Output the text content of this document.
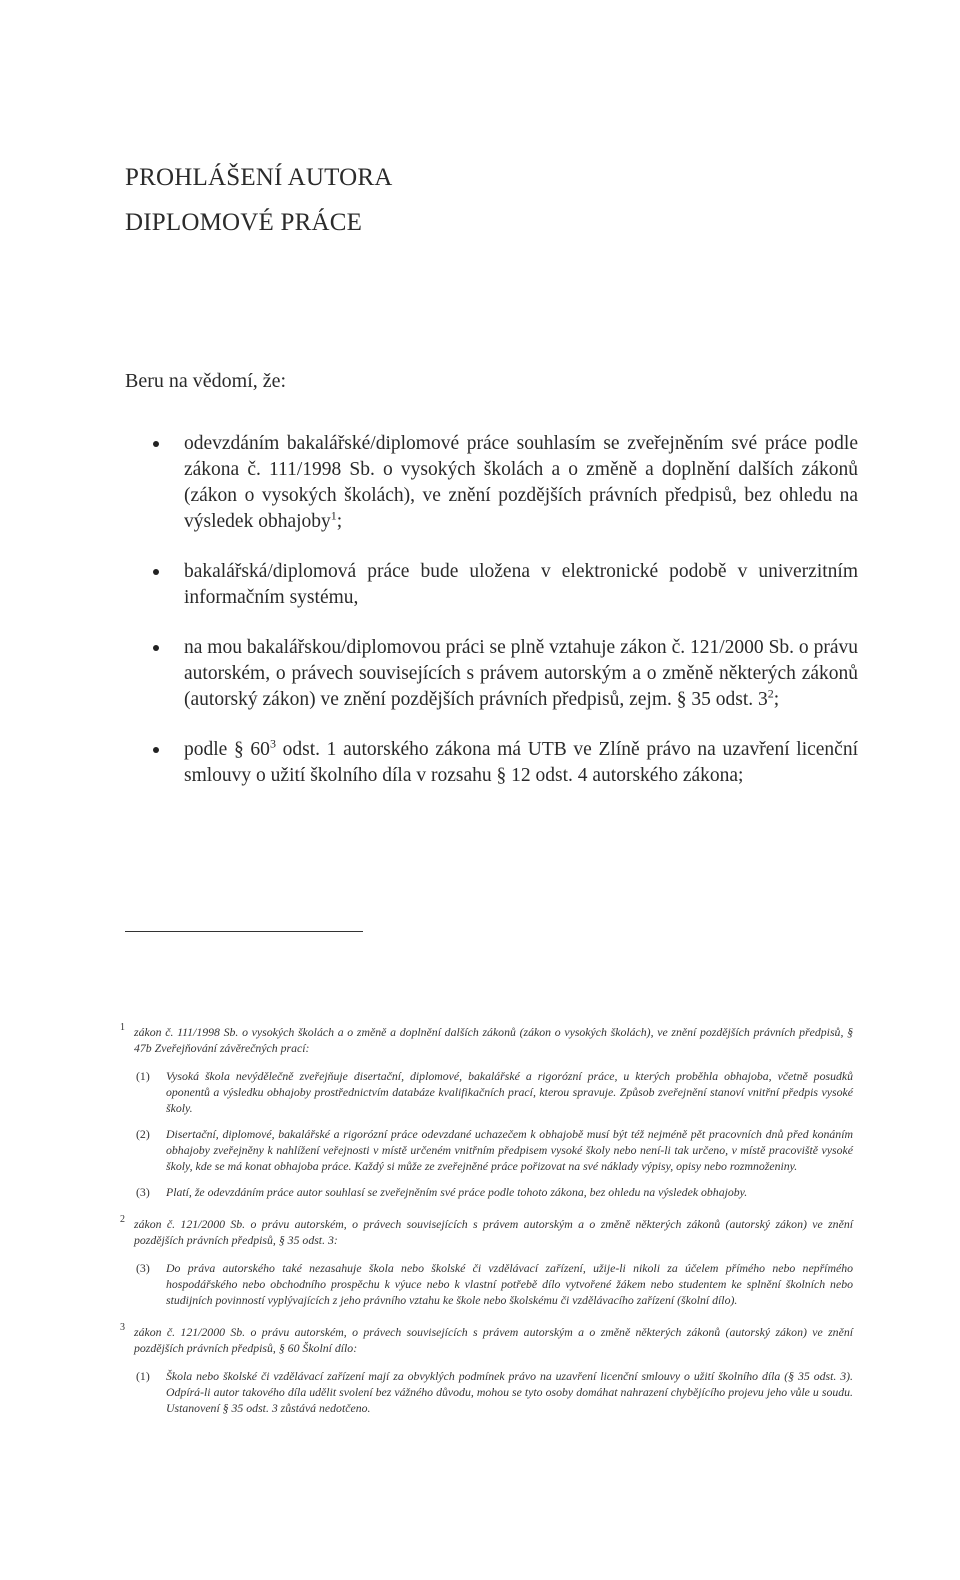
PROHLÁŠENÍ AUTORA
DIPLOMOVÉ PRÁCE
Beru na vědomí, že:
odevzdáním bakalářské/diplomové práce souhlasím se zveřejněním své práce podle zákona č. 111/1998 Sb. o vysokých školách a o změně a doplnění dalších zákonů (zákon o vysokých školách), ve znění pozdějších právních předpisů, bez ohledu na výsledek obhajoby$^1$;
bakalářská/diplomová práce bude uložena v elektronické podobě v univerzitním informačním systému,
na mou bakalářskou/diplomovou práci se plně vztahuje zákon č. 121/2000 Sb. o právu autorském, o právech souvisejících s právem autorským a o změně některých zákonů (autorský zákon) ve znění pozdějších právních předpisů, zejm. § 35 odst. $3^2$;
podle § $60^3$ odst. 1 autorského zákona má UTB ve Zlíně právo na uzavření licenční smlouvy o užití školního díla v rozsahu § 12 odst. 4 autorského zákona;
1 zákon č. 111/1998 Sb. o vysokých školách a o změně a doplnění dalších zákonů (zákon o vysokých školách), ve znění pozdějších právních předpisů, § 47b Zveřejňování závěrečných prací:
(1) Vysoká škola nevýdělečně zveřejňuje disertační, diplomové, bakalářské a rigorózní práce, u kterých proběhla obhajoba, včetně posudků oponentů a výsledku obhajoby prostřednictvím databáze kvalifikačních prací, kterou spravuje. Způsob zveřejnění stanoví vnitřní předpis vysoké školy.
(2) Disertační, diplomové, bakalářské a rigorózní práce odevzdané uchazečem k obhajobě musí být též nejméně pět pracovních dnů před konáním obhajoby zveřejněny k nahlížení veřejnosti v místě určeném vnitřním předpisem vysoké školy nebo není-li tak určeno, v místě pracoviště vysoké školy, kde se má konat obhajoba práce. Každý si může ze zveřejněné práce pořizovat na své náklady výpisy, opisy nebo rozmnoženiny.
(3) Platí, že odevzdáním práce autor souhlasí se zveřejněním své práce podle tohoto zákona, bez ohledu na výsledek obhajoby.
2 zákon č. 121/2000 Sb. o právu autorském, o právech souvisejících s právem autorským a o změně některých zákonů (autorský zákon) ve znění pozdějších právních předpisů, § 35 odst. 3:
(3) Do práva autorského také nezasahuje škola nebo školské či vzdělávací zařízení, užije-li nikoli za účelem přímého nebo nepřímého hospodářského nebo obchodního prospěchu k výuce nebo k vlastní potřebě dílo vytvořené žákem nebo studentem ke splnění školních nebo studijních povinností vyplývajících z jeho právního vztahu ke škole nebo školskému či vzdělávacího zařízení (školní dílo).
3 zákon č. 121/2000 Sb. o právu autorském, o právech souvisejících s právem autorským a o změně některých zákonů (autorský zákon) ve znění pozdějších právních předpisů, § 60 Školní dílo:
(1) Škola nebo školské či vzdělávací zařízení mají za obvyklých podmínek právo na uzavření licenční smlouvy o užití školního díla (§ 35 odst. 3). Odpírá-li autor takového díla udělit svolení bez vážného důvodu, mohou se tyto osoby domáhat nahrazení chybějícího projevu jeho vůle u soudu. Ustanovení § 35 odst. 3 zůstává nedotčeno.
